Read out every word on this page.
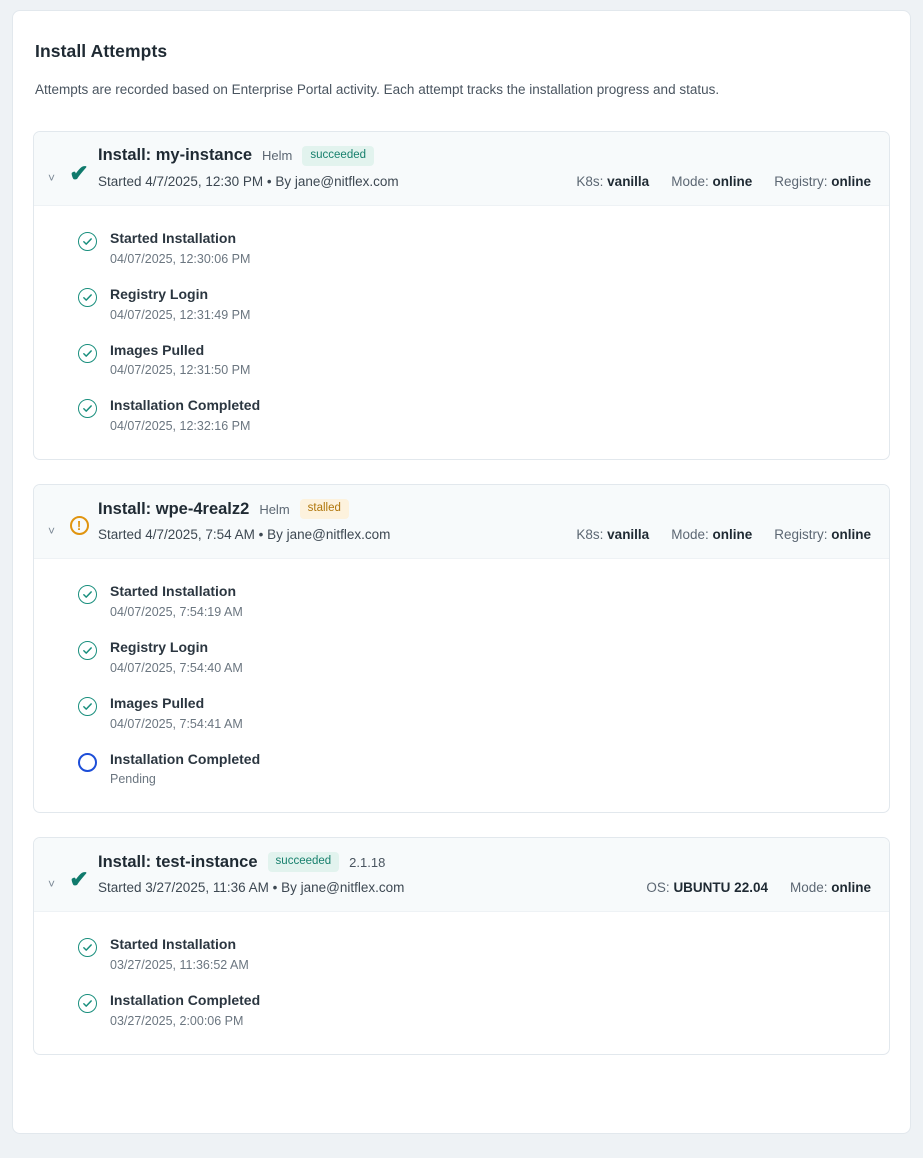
Install Attempts
Attempts are recorded based on Enterprise Portal activity. Each attempt tracks the installation progress and status.
˅ ✔
Install: my-instance Helm	succeeded
Started 4/7/2025, 12:30 PM • By jane@nitflex.com	K8s: vanilla Mode: online Registry: online
Started Installation
04/07/2025, 12:30:06 PM
Registry Login
04/07/2025, 12:31:49 PM
Images Pulled
04/07/2025, 12:31:50 PM
Installation Completed
04/07/2025, 12:32:16 PM
˅	!
Install: wpe-4realz2 Helm	stalled
Started 4/7/2025, 7:54 AM • By jane@nitflex.com	K8s: vanilla Mode: online Registry: online
Started Installation
04/07/2025, 7:54:19 AM
Registry Login
04/07/2025, 7:54:40 AM
Images Pulled
04/07/2025, 7:54:41 AM
Installation Completed
Pending
˅ ✔
Install: test-instance	succeeded	2.1.18
Started 3/27/2025, 11:36 AM • By jane@nitflex.com	OS: UBUNTU 22.04 Mode: online
Started Installation
03/27/2025, 11:36:52 AM
Installation Completed
03/27/2025, 2:00:06 PM
